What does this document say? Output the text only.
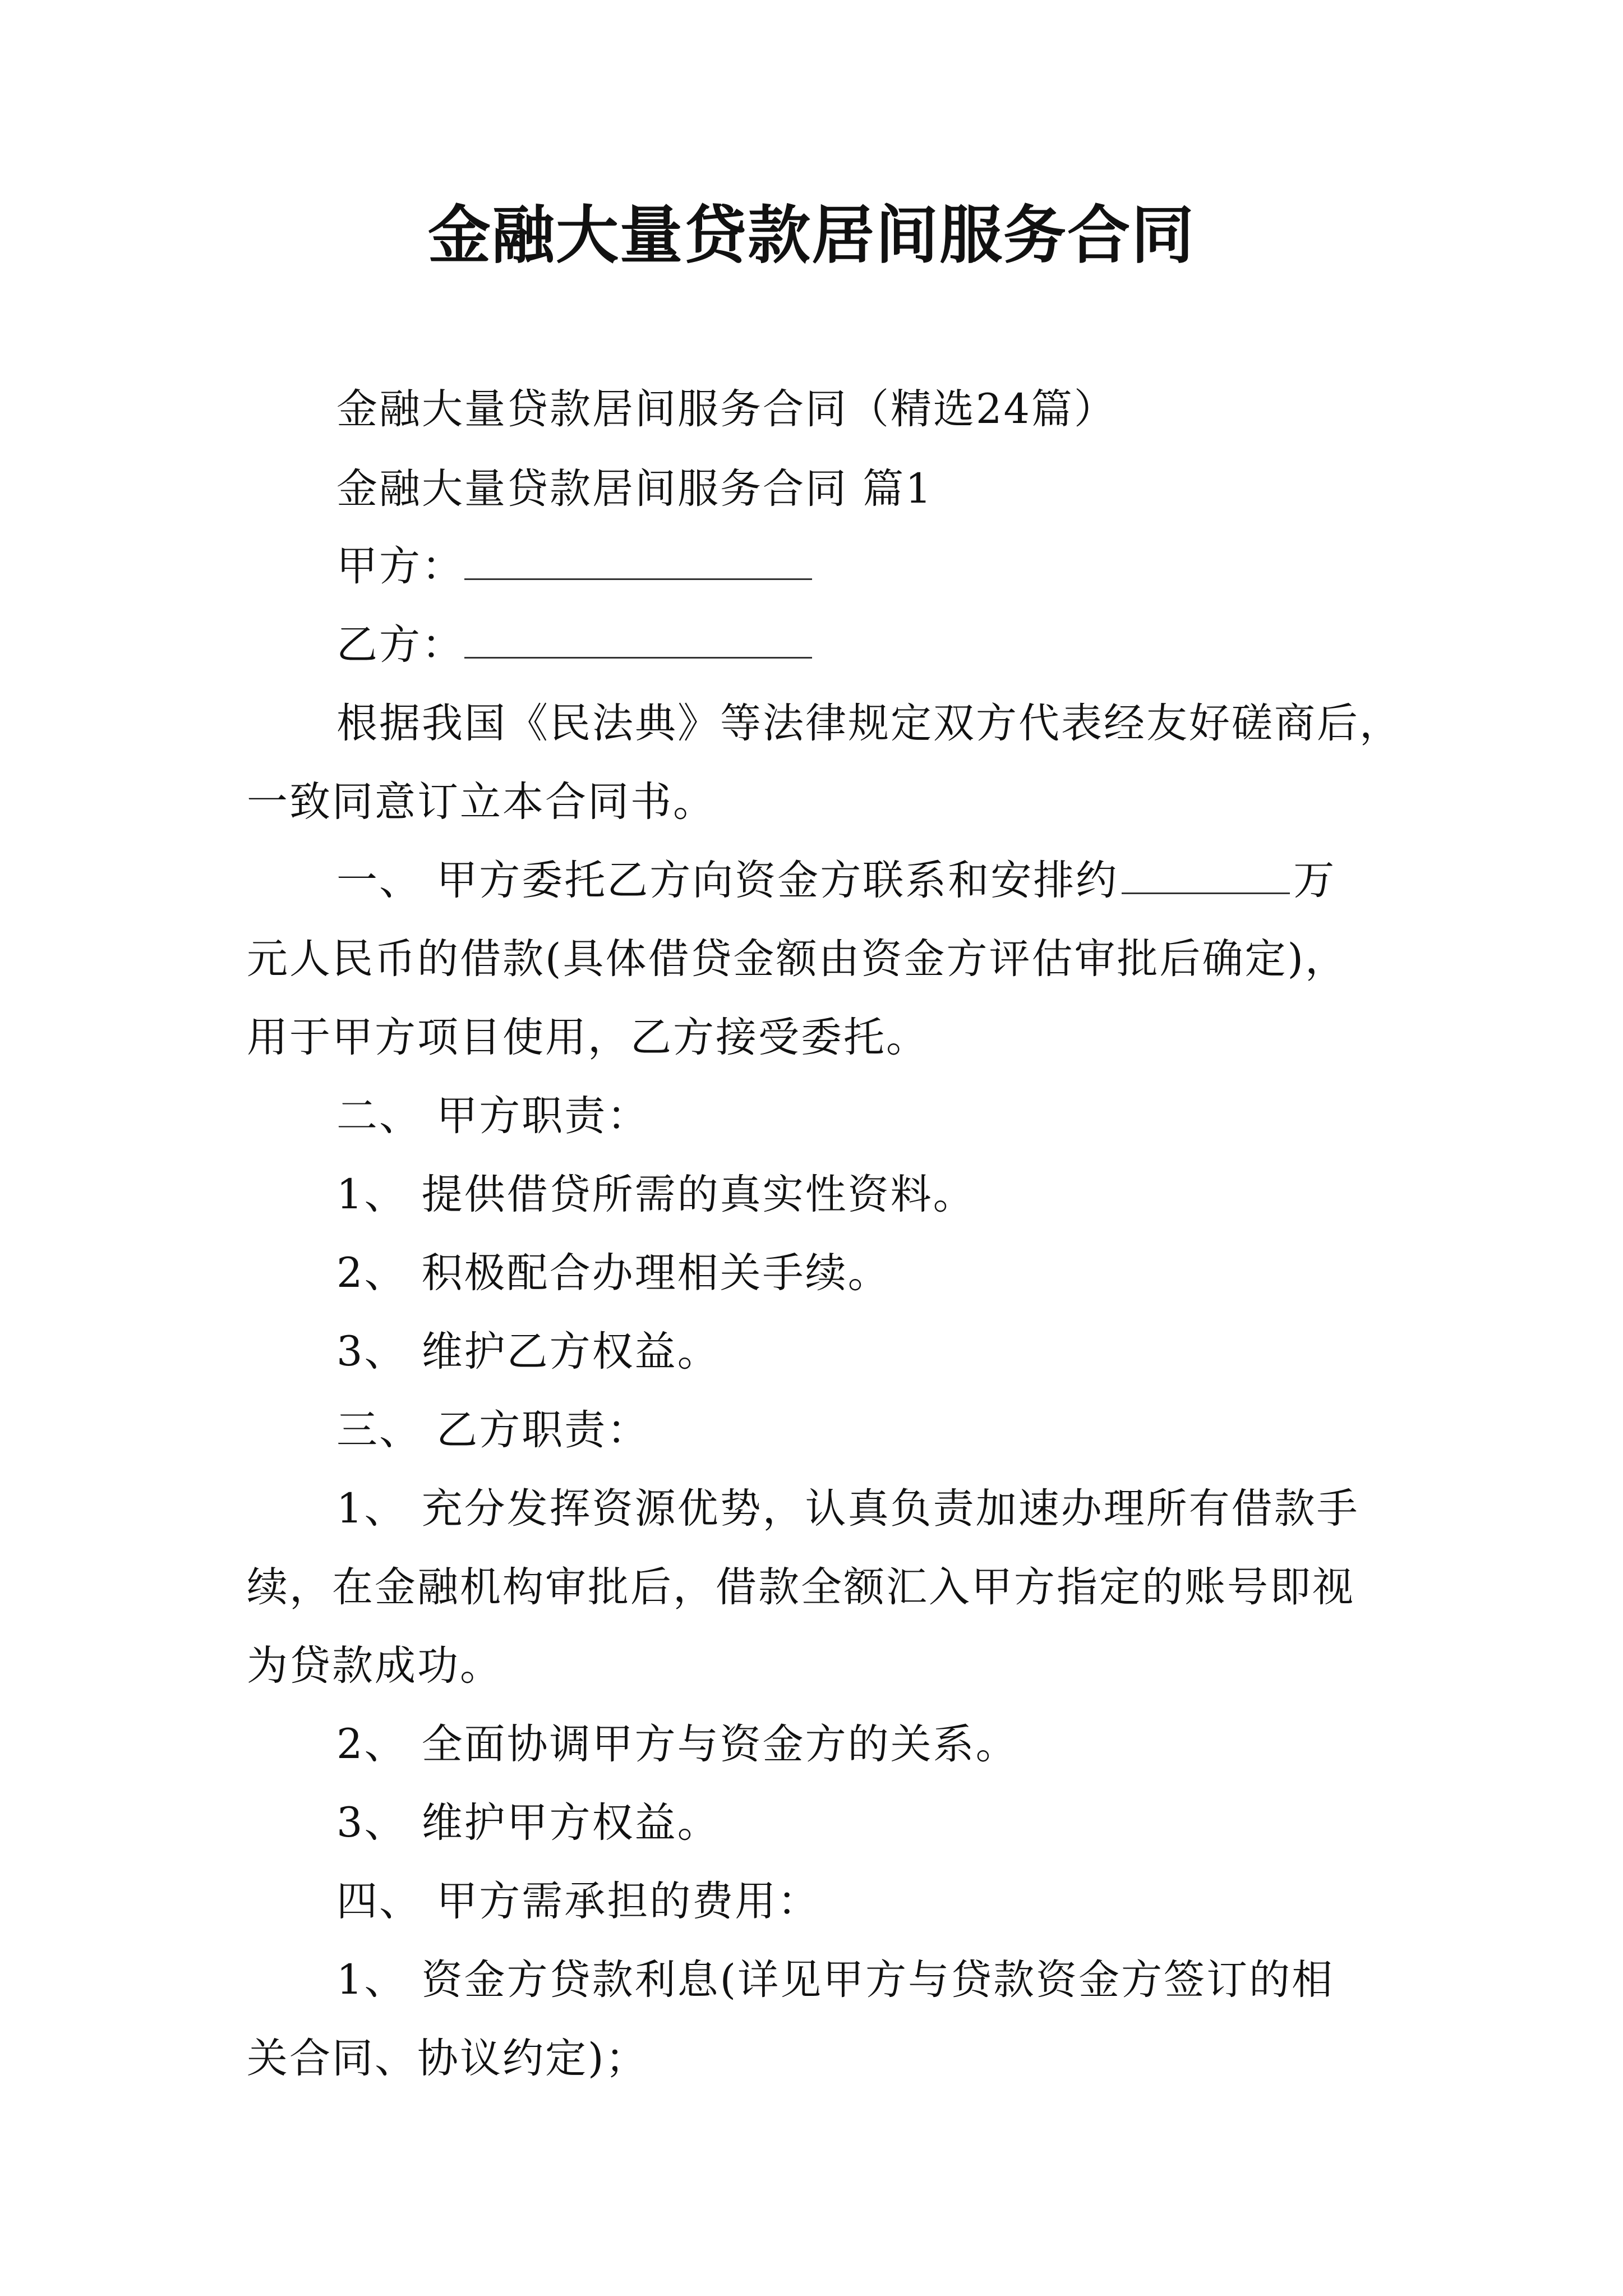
金融大量贷款居间服务合同
金融大量贷款居间服务合同（精选24篇）
金融大量贷款居间服务合同 篇1
甲方：
乙方：
根据我国《民法典》等法律规定双方代表经友好磋商后，
一致同意订立本合同书。
一、 甲方委托乙方向资金方联系和安排约	万
元人民币的借款(具体借贷金额由资金方评估审批后确定)，
用于甲方项目使用，乙方接受委托。
二、 甲方职责：
1、 提供借贷所需的真实性资料。
2、 积极配合办理相关手续。
3、 维护乙方权益。
三、 乙方职责：
1、 充分发挥资源优势，认真负责加速办理所有借款手
续，在金融机构审批后，借款全额汇入甲方指定的账号即视
为贷款成功。
2、 全面协调甲方与资金方的关系。
3、 维护甲方权益。
四、 甲方需承担的费用：
1、 资金方贷款利息(详见甲方与贷款资金方签订的相
关合同、协议约定)；
